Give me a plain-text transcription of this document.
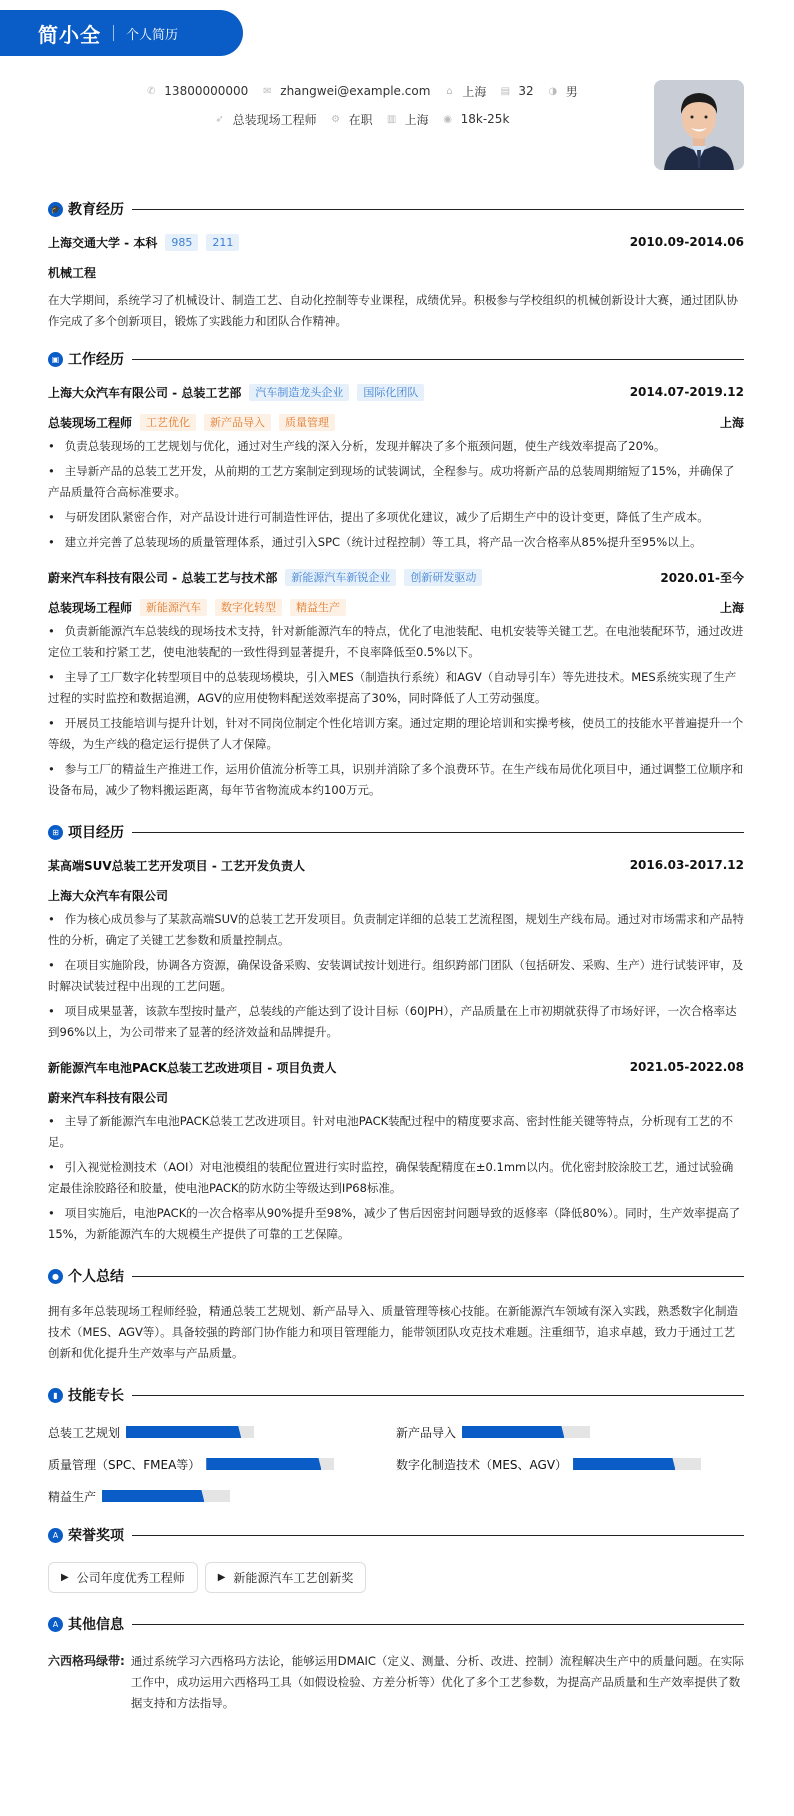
简小全 个人简历
✆ 13800000000 ✉ zhangwei@example.com ⌂ 上海 ▤ 32 ◑ 男
➶ 总装现场工程师 ⚙ 在职 ▥ 上海 ◉ 18k-25k
🎓 教育经历
上海交通大学 - 本科	985	211	2010.09-2014.06
机械工程

在大学期间，系统学习了机械设计、制造工艺、自动化控制等专业课程，成绩优异。积极参与学校组织的机械创新设计大赛，通过团队协作完成了多个创新项目，锻炼了实践能力和团队合作精神。

▣ 工作经历
上海大众汽车有限公司 - 总装工艺部	汽车制造龙头企业	国际化团队	2014.07-2019.12
总装现场工程师	工艺优化	新产品导入	质量管理	上海
• 负责总装现场的工艺规划与优化，通过对生产线的深入分析，发现并解决了多个瓶颈问题，使生产线效率提高了20%。
• 主导新产品的总装工艺开发，从前期的工艺方案制定到现场的试装调试，全程参与。成功将新产品的总装周期缩短了15%，并确保了产品质量符合高标准要求。
• 与研发团队紧密合作，对产品设计进行可制造性评估，提出了多项优化建议，减少了后期生产中的设计变更，降低了生产成本。
• 建立并完善了总装现场的质量管理体系，通过引入SPC（统计过程控制）等工具，将产品一次合格率从85%提升至95%以上。
蔚来汽车科技有限公司 - 总装工艺与技术部	新能源汽车新锐企业	创新研发驱动	2020.01-至今
总装现场工程师	新能源汽车	数字化转型	精益生产	上海
• 负责新能源汽车总装线的现场技术支持，针对新能源汽车的特点，优化了电池装配、电机安装等关键工艺。在电池装配环节，通过改进定位工装和拧紧工艺，使电池装配的一致性得到显著提升，不良率降低至0.5%以下。
• 主导了工厂数字化转型项目中的总装现场模块，引入MES（制造执行系统）和AGV（自动导引车）等先进技术。MES系统实现了生产过程的实时监控和数据追溯，AGV的应用使物料配送效率提高了30%，同时降低了人工劳动强度。
• 开展员工技能培训与提升计划，针对不同岗位制定个性化培训方案。通过定期的理论培训和实操考核，使员工的技能水平普遍提升一个等级，为生产线的稳定运行提供了人才保障。
• 参与工厂的精益生产推进工作，运用价值流分析等工具，识别并消除了多个浪费环节。在生产线布局优化项目中，通过调整工位顺序和设备布局，减少了物料搬运距离，每年节省物流成本约100万元。
⊞ 项目经历
某高端SUV总装工艺开发项目 - 工艺开发负责人	2016.03-2017.12
上海大众汽车有限公司
• 作为核心成员参与了某款高端SUV的总装工艺开发项目。负责制定详细的总装工艺流程图，规划生产线布局。通过对市场需求和产品特性的分析，确定了关键工艺参数和质量控制点。
• 在项目实施阶段，协调各方资源，确保设备采购、安装调试按计划进行。组织跨部门团队（包括研发、采购、生产）进行试装评审，及时解决试装过程中出现的工艺问题。
• 项目成果显著，该款车型按时量产，总装线的产能达到了设计目标（60JPH），产品质量在上市初期就获得了市场好评，一次合格率达到96%以上，为公司带来了显著的经济效益和品牌提升。
新能源汽车电池PACK总装工艺改进项目 - 项目负责人	2021.05-2022.08
蔚来汽车科技有限公司
• 主导了新能源汽车电池PACK总装工艺改进项目。针对电池PACK装配过程中的精度要求高、密封性能关键等特点，分析现有工艺的不足。
• 引入视觉检测技术（AOI）对电池模组的装配位置进行实时监控，确保装配精度在±0.1mm以内。优化密封胶涂胶工艺，通过试验确定最佳涂胶路径和胶量，使电池PACK的防水防尘等级达到IP68标准。
• 项目实施后，电池PACK的一次合格率从90%提升至98%，减少了售后因密封问题导致的返修率（降低80%）。同时，生产效率提高了15%，为新能源汽车的大规模生产提供了可靠的工艺保障。
● 个人总结

拥有多年总装现场工程师经验，精通总装工艺规划、新产品导入、质量管理等核心技能。在新能源汽车领域有深入实践，熟悉数字化制造技术（MES、AGV等）。具备较强的跨部门协作能力和项目管理能力，能带领团队攻克技术难题。注重细节，追求卓越，致力于通过工艺创新和优化提升生产效率与产品质量。

▮ 技能专长
总装工艺规划	新产品导入
质量管理（SPC、FMEA等）	数字化制造技术（MES、AGV）
精益生产
A 荣誉奖项
▶ 公司年度优秀工程师	▶ 新能源汽车工艺创新奖
A 其他信息
六西格玛绿带: 通过系统学习六西格玛方法论，能够运用DMAIC（定义、测量、分析、改进、控制）流程解决生产中的质量问题。在实际工作中，成功运用六西格玛工具（如假设检验、方差分析等）优化了多个工艺参数，为提高产品质量和生产效率提供了数据支持和方法指导。
